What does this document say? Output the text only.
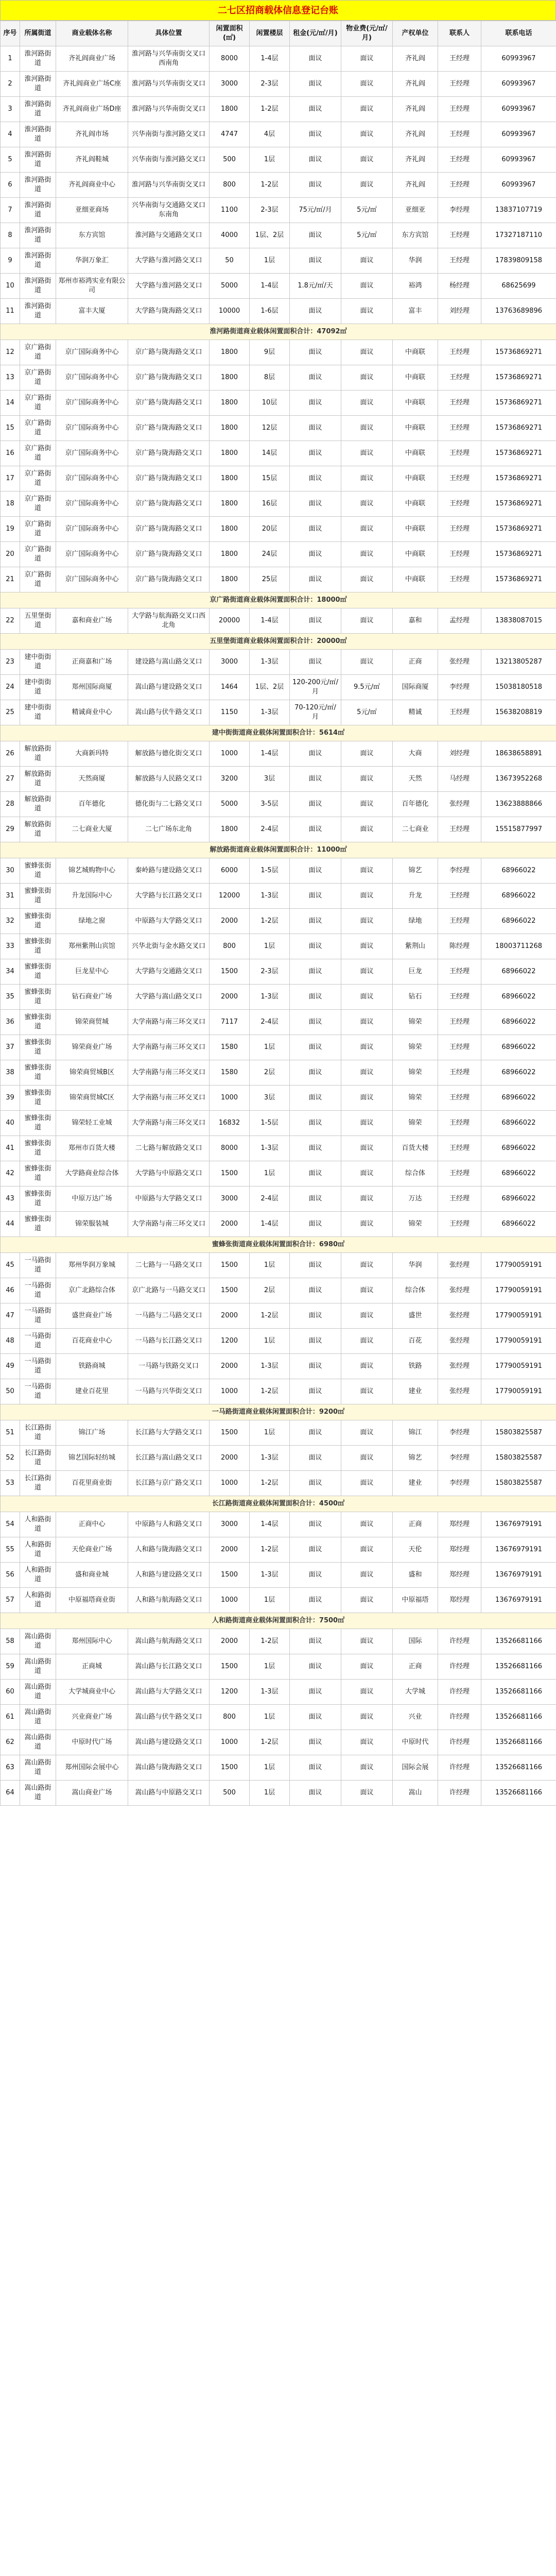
二七区招商载体信息登记台账
序号	所属街道	商业载体名称	具体位置	闲置面积(㎡)	闲置楼层	租金(元/㎡/月)	物业费(元/㎡/月)	产权单位	联系人	联系电话
1	淮河路街道	齐礼阎商业广场	淮河路与兴华南街交叉口西南角	8000	1-4层	面议	面议	齐礼阎	王经理	60993967
2	淮河路街道	齐礼阎商业广场C座	淮河路与兴华南街交叉口	3000	2-3层	面议	面议	齐礼阎	王经理	60993967
3	淮河路街道	齐礼阎商业广场D座	淮河路与兴华南街交叉口	1800	1-2层	面议	面议	齐礼阎	王经理	60993967
4	淮河路街道	齐礼阎市场	兴华南街与淮河路交叉口	4747	4层	面议	面议	齐礼阎	王经理	60993967
5	淮河路街道	齐礼阎鞋城	兴华南街与淮河路交叉口	500	1层	面议	面议	齐礼阎	王经理	60993967
6	淮河路街道	齐礼阎商业中心	淮河路与兴华南街交叉口	800	1-2层	面议	面议	齐礼阎	王经理	60993967
7	淮河路街道	亚细亚商场	兴华南街与交通路交叉口东南角	1100	2-3层	75元/㎡/月	5元/㎡	亚细亚	李经理	13837107719
8	淮河路街道	东方宾馆	淮河路与交通路交叉口	4000	1层、2层	面议	5元/㎡	东方宾馆	王经理	17327187110
9	淮河路街道	华润万象汇	大学路与淮河路交叉口	50	1层	面议	面议	华润	王经理	17839809158
10	淮河路街道	郑州市裕鸿实业有限公司	大学路与淮河路交叉口	5000	1-4层	1.8元/㎡/天	面议	裕鸿	杨经理	68625699
11	淮河路街道	富丰大厦	大学路与陇海路交叉口	10000	1-6层	面议	面议	富丰	刘经理	13763689896
淮河路街道商业载体闲置面积合计：47092㎡										
12	京广路街道	京广国际商务中心	京广路与陇海路交叉口	1800	9层	面议	面议	中商联	王经理	15736869271
13	京广路街道	京广国际商务中心	京广路与陇海路交叉口	1800	8层	面议	面议	中商联	王经理	15736869271
14	京广路街道	京广国际商务中心	京广路与陇海路交叉口	1800	10层	面议	面议	中商联	王经理	15736869271
15	京广路街道	京广国际商务中心	京广路与陇海路交叉口	1800	12层	面议	面议	中商联	王经理	15736869271
16	京广路街道	京广国际商务中心	京广路与陇海路交叉口	1800	14层	面议	面议	中商联	王经理	15736869271
17	京广路街道	京广国际商务中心	京广路与陇海路交叉口	1800	15层	面议	面议	中商联	王经理	15736869271
18	京广路街道	京广国际商务中心	京广路与陇海路交叉口	1800	16层	面议	面议	中商联	王经理	15736869271
19	京广路街道	京广国际商务中心	京广路与陇海路交叉口	1800	20层	面议	面议	中商联	王经理	15736869271
20	京广路街道	京广国际商务中心	京广路与陇海路交叉口	1800	24层	面议	面议	中商联	王经理	15736869271
21	京广路街道	京广国际商务中心	京广路与陇海路交叉口	1800	25层	面议	面议	中商联	王经理	15736869271
京广路街道商业载体闲置面积合计：18000㎡										
22	五里堡街道	嘉和商业广场	大学路与航海路交叉口西北角	20000	1-4层	面议	面议	嘉和	孟经理	13838087015
五里堡街道商业载体闲置面积合计：20000㎡										
23	建中街街道	正商嘉和广场	建设路与嵩山路交叉口	3000	1-3层	面议	面议	正商	张经理	13213805287
24	建中街街道	郑州国际商厦	嵩山路与建设路交叉口	1464	1层、2层	120-200元/㎡/月	9.5元/㎡	国际商厦	李经理	15038180518
25	建中街街道	精诚商业中心	嵩山路与伏牛路交叉口	1150	1-3层	70-120元/㎡/月	5元/㎡	精诚	王经理	15638208819
建中街街道商业载体闲置面积合计：5614㎡										
26	解放路街道	大商新玛特	解放路与德化街交叉口	1000	1-4层	面议	面议	大商	刘经理	18638658891
27	解放路街道	天然商厦	解放路与人民路交叉口	3200	3层	面议	面议	天然	马经理	13673952268
28	解放路街道	百年德化	德化街与二七路交叉口	5000	3-5层	面议	面议	百年德化	张经理	13623888866
29	解放路街道	二七商业大厦	二七广场东北角	1800	2-4层	面议	面议	二七商业	王经理	15515877997
解放路街道商业载体闲置面积合计：11000㎡										
30	蜜蜂张街道	锦艺城购物中心	秦岭路与建设路交叉口	6000	1-5层	面议	面议	锦艺	李经理	68966022
31	蜜蜂张街道	升龙国际中心	大学路与长江路交叉口	12000	1-3层	面议	面议	升龙	王经理	68966022
32	蜜蜂张街道	绿地之窗	中原路与大学路交叉口	2000	1-2层	面议	面议	绿地	王经理	68966022
33	蜜蜂张街道	郑州紫荆山宾馆	兴华北街与金水路交叉口	800	1层	面议	面议	紫荆山	陈经理	18003711268
34	蜜蜂张街道	巨龙星中心	大学路与交通路交叉口	1500	2-3层	面议	面议	巨龙	王经理	68966022
35	蜜蜂张街道	钻石商业广场	大学路与嵩山路交叉口	2000	1-3层	面议	面议	钻石	王经理	68966022
36	蜜蜂张街道	锦荣商贸城	大学南路与南三环交叉口	7117	2-4层	面议	面议	锦荣	王经理	68966022
37	蜜蜂张街道	锦荣商业广场	大学南路与南三环交叉口	1580	1层	面议	面议	锦荣	王经理	68966022
38	蜜蜂张街道	锦荣商贸城B区	大学南路与南三环交叉口	1580	2层	面议	面议	锦荣	王经理	68966022
39	蜜蜂张街道	锦荣商贸城C区	大学南路与南三环交叉口	1000	3层	面议	面议	锦荣	王经理	68966022
40	蜜蜂张街道	锦荣轻工业城	大学南路与南三环交叉口	16832	1-5层	面议	面议	锦荣	王经理	68966022
41	蜜蜂张街道	郑州市百货大楼	二七路与解放路交叉口	8000	1-3层	面议	面议	百货大楼	王经理	68966022
42	蜜蜂张街道	大学路商业综合体	大学路与中原路交叉口	1500	1层	面议	面议	综合体	王经理	68966022
43	蜜蜂张街道	中原万达广场	中原路与大学路交叉口	3000	2-4层	面议	面议	万达	王经理	68966022
44	蜜蜂张街道	锦荣服装城	大学南路与南三环交叉口	2000	1-4层	面议	面议	锦荣	王经理	68966022
蜜蜂张街道商业载体闲置面积合计：6980㎡										
45	一马路街道	郑州华润万象城	二七路与一马路交叉口	1500	1层	面议	面议	华润	张经理	17790059191
46	一马路街道	京广北路综合体	京广北路与一马路交叉口	1500	2层	面议	面议	综合体	张经理	17790059191
47	一马路街道	盛世商业广场	一马路与二马路交叉口	2000	1-2层	面议	面议	盛世	张经理	17790059191
48	一马路街道	百花商业中心	一马路与长江路交叉口	1200	1层	面议	面议	百花	张经理	17790059191
49	一马路街道	铁路商城	一马路与铁路交叉口	2000	1-3层	面议	面议	铁路	张经理	17790059191
50	一马路街道	建业百花里	一马路与兴华街交叉口	1000	1-2层	面议	面议	建业	张经理	17790059191
一马路街道商业载体闲置面积合计：9200㎡										
51	长江路街道	锦江广场	长江路与大学路交叉口	1500	1层	面议	面议	锦江	李经理	15803825587
52	长江路街道	锦艺国际轻纺城	长江路与嵩山路交叉口	2000	1-3层	面议	面议	锦艺	李经理	15803825587
53	长江路街道	百花里商业街	长江路与京广路交叉口	1000	1-2层	面议	面议	建业	李经理	15803825587
长江路街道商业载体闲置面积合计：4500㎡										
54	人和路街道	正商中心	中原路与人和路交叉口	3000	1-4层	面议	面议	正商	郑经理	13676979191
55	人和路街道	天伦商业广场	人和路与陇海路交叉口	2000	1-2层	面议	面议	天伦	郑经理	13676979191
56	人和路街道	盛和商业城	人和路与建设路交叉口	1500	1-3层	面议	面议	盛和	郑经理	13676979191
57	人和路街道	中原福塔商业街	人和路与航海路交叉口	1000	1层	面议	面议	中原福塔	郑经理	13676979191
人和路街道商业载体闲置面积合计：7500㎡										
58	嵩山路街道	郑州国际中心	嵩山路与航海路交叉口	2000	1-2层	面议	面议	国际	许经理	13526681166
59	嵩山路街道	正商城	嵩山路与长江路交叉口	1500	1层	面议	面议	正商	许经理	13526681166
60	嵩山路街道	大学城商业中心	嵩山路与大学路交叉口	1200	1-3层	面议	面议	大学城	许经理	13526681166
61	嵩山路街道	兴业商业广场	嵩山路与伏牛路交叉口	800	1层	面议	面议	兴业	许经理	13526681166
62	嵩山路街道	中原时代广场	嵩山路与建设路交叉口	1000	1-2层	面议	面议	中原时代	许经理	13526681166
63	嵩山路街道	郑州国际会展中心	嵩山路与陇海路交叉口	1500	1层	面议	面议	国际会展	许经理	13526681166
64	嵩山路街道	嵩山商业广场	嵩山路与中原路交叉口	500	1层	面议	面议	嵩山	许经理	13526681166
